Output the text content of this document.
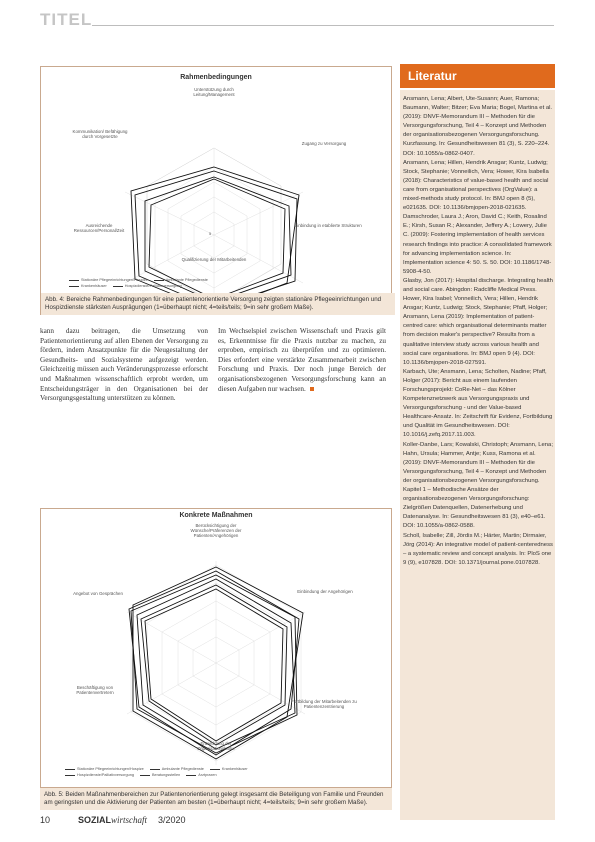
TITEL
Rahmenbedingungen
5
Unterstützung durch Leitung/Management
Zugang zu Versorgung
Einbindung in etablierte Strukturen
Qualifizierung der Mitarbeitenden
Ausreichende Ressourcen/Personal/Zeit
Kommunikation/ Befähigung durch Vorgesetzte
Stationäre Pflegeeinrichtungen/Hospize	Ambulante Pflegedienste
Krankenhäuser	Hospizdienste/Palliativversorgung
Abb. 4: Bereiche Rahmenbedingungen für eine patientenorientierte Versorgung zeigten stationäre Pflegeeinrichtungen und Hospizdienste stärksten Ausprägungen (1=überhaupt nicht; 4=teils/teils; 9=in sehr großem Maße).
kann dazu beitragen, die Umsetzung von Patientenorientierung auf allen Ebenen der Versorgung zu fördern, indem Ansatzpunkte für die Neugestaltung der Gesundheits- und Sozialsysteme aufgezeigt werden. Gleichzeitig müssen auch Veränderungsprozesse erforscht und Maßnahmen wissenschaftlich erprobt werden, um Entscheidungsträger in den Organisationen bei der Versorgungsgestaltung unterstützen zu können.
Im Wechselspiel zwischen Wissenschaft und Praxis gilt es, Erkenntnisse für die Praxis nutzbar zu machen, zu erproben, empirisch zu überprüfen und zu optimieren. Dies erfordert eine verstärkte Zusammenarbeit zwischen Forschung und Praxis. Der noch junge Bereich der organisationsbezogenen Versorgungsforschung kann an diesen Aufgaben nur wachsen.
Konkrete Maßnahmen
Berücksichtigung der Wünsche/Präferenzen der Patienten/Angehörigen
Einbindung der Angehörigen
Fortbildung der Mitarbeitenden zu Patientenzentrierung
Entwicklung der Organisationskultur
Beschäftigung von Patientenvertretern
Angebot von Gesprächen
Stationäre Pflegeeinrichtungen/Hospize	Ambulante Pflegedienste	Krankenhäuser
Hospizdienste/Palliativversorgung	Beratungsstellen	Arztpraxen
Abb. 5: Beiden Maßnahmenbereichen zur Patientenorientierung gelegt insgesamt die Beteiligung von Familie und Freunden am geringsten und die Aktivierung der Patienten am besten (1=überhaupt nicht; 4=teils/teils; 9=in sehr großem Maße).
Literatur
Ansmann, Lena; Albert, Ute-Susann; Auer, Ramona; Baumann, Walter; Bitzer; Eva Maria; Bogel, Martina et al. (2019): DNVF-Memorandum III – Methoden für die Versorgungsforschung, Teil 4 – Konzept und Methoden der organisationsbezogenen Versorgungsforschung. Kurzfassung. In: Gesundheitswesen 81 (3), S. 220–224. DOI: 10.1055/a-0862-0407.
Ansmann, Lena; Hillen, Hendrik Ansgar; Kuntz, Ludwig; Stock, Stephanie; Vonneilich, Vera; Hower, Kira Isabella (2018): Characteristics of value-based health and social care from organisational perspectives (OrgValue): a mixed-methods study protocol. In: BMJ open 8 (5), e021635. DOI: 10.1136/bmjopen-2018-021635.
Damschroder, Laura J.; Aron, David C.; Keith, Rosalind E.; Kirsh, Susan R.; Alexander, Jeffery A.; Lowery, Julie C. (2009): Fostering implementation of health services research findings into practice: A consolidated framework for advancing implementation science. In: Implementation science 4: 50. S. 50. DOI: 10.1186/1748-5908-4-50.
Glasby, Jon (2017): Hospital discharge. Integrating health and social care. Abingdon: Radcliffe Medical Press.
Hower, Kira Isabel; Vonneilich, Vera; Hillen, Hendrik Ansgar; Kuntz, Ludwig; Stock, Stephanie; Pfaff, Holger; Ansmann, Lena (2019): Implementation of patient-centred care: which organisational determinants matter from decision maker's perspective? Results from a qualitative interview study across various health and social care organisations. In: BMJ open 9 (4). DOI: 10.1136/bmjopen-2018-027591.
Karbach, Ute; Ansmann, Lena; Scholten, Nadine; Pfaff, Holger (2017): Bericht aus einem laufenden Forschungsprojekt: CoRe-Net – das Kölner Kompetenznetzwerk aus Versorgungspraxis und Versorgungsforschung - und der Value-based Healthcare-Ansatz. In: Zeitschrift für Evidenz, Fortbildung und Qualität im Gesundheitswesen. DOI: 10.1016/j.zefq.2017.11.003.
Koller-Danbe, Lars; Kowalski, Christoph; Ansmann, Lena; Hahn, Ursula; Hammer, Antje; Kuss, Ramona et al. (2019): DNVF-Memorandum III – Methoden für die Versorgungsforschung, Teil 4 – Konzept und Methoden der organisationsbezogenen Versorgungsforschung. Kapitel 1 – Methodische Ansätze der organisationsbezogenen Versorgungsforschung: Zielgrößen Datenquellen, Datenerhebung und Datenanalyse. In: Gesundheitswesen 81 (3), e40–e61. DOI: 10.1055/a-0862-0588.
Scholl, Isabelle; Zill, Jördis M.; Härter, Martin; Dirmaier, Jörg (2014): An integrative model of patient-centeredness – a systematic review and concept analysis. In: PloS one 9 (9), e107828. DOI: 10.1371/journal.pone.0107828.
10	SOZIALwirtschaft 3/2020
